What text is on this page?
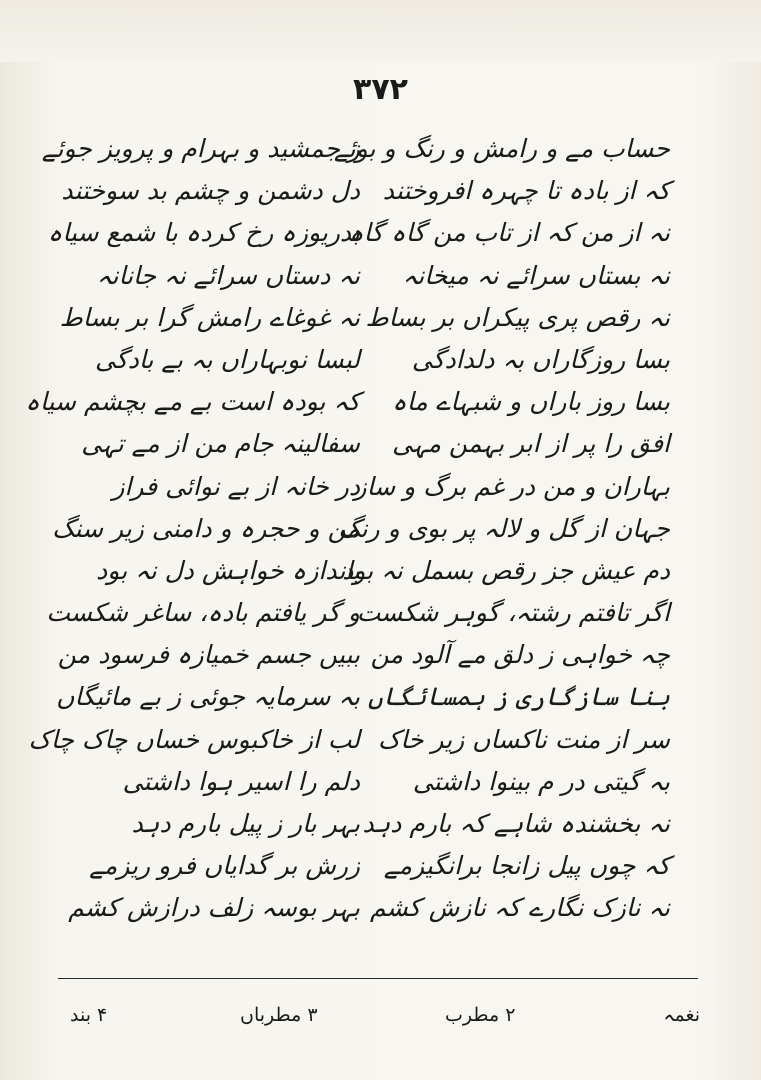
۳۷۲
حساب مے و رامش و رنگ و بوئے
کہ از بادہ تا چہرہ افروختند
نہ از من کہ از تاب من گاہ گاہ
نہ بستاں سرائے نہ میخانہ
نہ رقص پری پیکراں بر بساط
بسا روزگاراں بہ دلدادگی
بسا روز باراں و شبہاے ماہ
افق را پر از ابر بہمن مہی
بہاران و من در غم برگ و ساز
جہان از گل و لالہ پر بوی و رنگ
دم عیش جز رقص بسمل نہ بود
اگر تافتم رشتہ، گوہر شکست
چہ خواہی ز دلق مے آلود من
بنا سازگاری ز ہمسائگاں
سر از منت ناکساں زیر خاک
بہ گیتی در م بینوا داشتی
نہ بخشندہ شاہے کہ بارم دہد
کہ چوں پیل زانجا برانگیزمے
نہ نازک نگارے کہ نازش کشم
ز جمشید و بہرام و پرویز جوئے
دل دشمن و چشم بد سوختند
بدریوزہ رخ کردہ با شمع سیاہ
نہ دستاں سرائے نہ جانانہ
نہ غوغاے رامش گرا بر بساط
لبسا نوبہاراں بہ بے بادگی
کہ بودہ است بے مے بچشم سیاہ
سفالینہ جام من از مے تہی
در خانہ از بے نوائی فراز
من و حجرہ و دامنی زیر سنگ
باندازہ خواہش دل نہ بود
و گر یافتم بادہ، ساغر شکست
ببیں جسم خمیازہ فرسود من
بہ سرمایہ جوئی ز بے مائیگاں
لب از خاکبوس خساں چاک چاک
دلم را اسیر ہوا داشتی
بہر بار ز پیل بارم دہد
زرش بر گدایاں فرو ریزمے
بہر بوسہ زلف درازش کشم
نغمہ
۲ مطرب
۳ مطرباں
۴ بند
